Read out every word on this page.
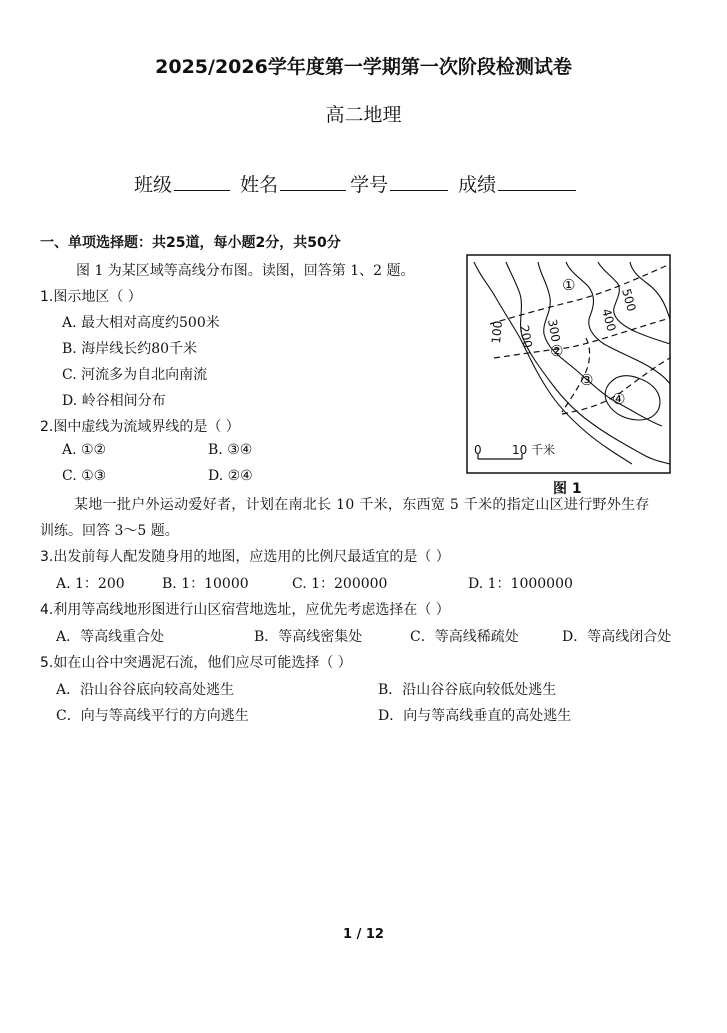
2025/2026学年度第一学期第一次阶段检测试卷
高二地理
班级	姓名	学号	成绩
一、单项选择题：共25道，每小题2分，共50分
图 1 为某区域等高线分布图。读图，回答第 1、2 题。
1.图示地区（ ）
A. 最大相对高度约500米
B. 海岸线长约80千米
C. 河流多为自北向南流
D. 岭谷相间分布
2.图中虚线为流域界线的是（ ）
A. ①②	B. ③④
C. ①③	D. ②④
某地一批户外运动爱好者，计划在南北长 10 千米，东西宽 5 千米的指定山区进行野外生存
训练。回答 3～5 题。
3.出发前每人配发随身用的地图，应选用的比例尺最适宜的是（ ）
A. 1：200	B. 1：10000	C. 1：200000	D. 1：1000000
4.利用等高线地形图进行山区宿营地选址，应优先考虑选择在（ ）
A．等高线重合处	B．等高线密集处	C．等高线稀疏处	D．等高线闭合处
5.如在山谷中突遇泥石流，他们应尽可能选择（ ）
A．沿山谷谷底向较高处逃生	B．沿山谷谷底向较低处逃生
C．向与等高线平行的方向逃生	D．向与等高线垂直的高处逃生
500
400
300
200
100
①
②
③
④
0	10 千米
图 1
1 / 12
